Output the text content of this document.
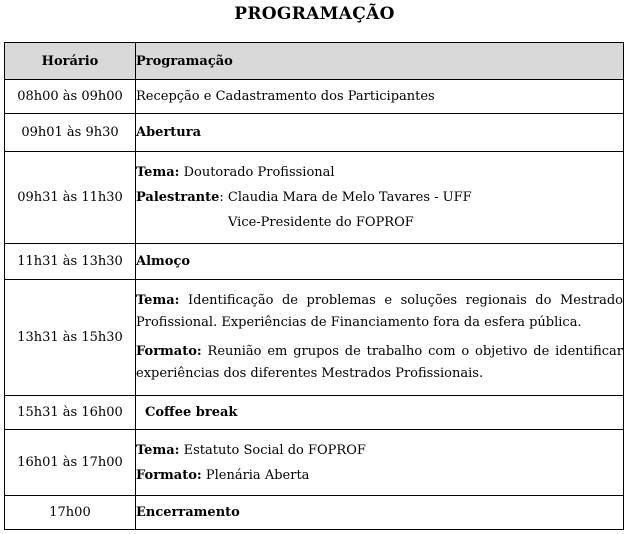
PROGRAMAÇÃO
Horário	Programação
08h00 às 09h00	Recepção e Cadastramento dos Participantes
09h01 às 9h30	Abertura
09h31 às 11h30	Tema: Doutorado Profissional
Palestrante: Claudia Mara de Melo Tavares - UFF
Vice-Presidente do FOPROF

11h31 às 13h30	Almoço
13h31 às 15h30	Tema: Identificação de problemas e soluções regionais do Mestrado Profissional. Experiências de Financiamento fora da esfera pública.
Formato: Reunião em grupos de trabalho com o objetivo de identificar experiências dos diferentes Mestrados Profissionais.

15h31 às 16h00	Coffee break
16h01 às 17h00	Tema: Estatuto Social do FOPROF
Formato: Plenária Aberta

17h00	Encerramento
